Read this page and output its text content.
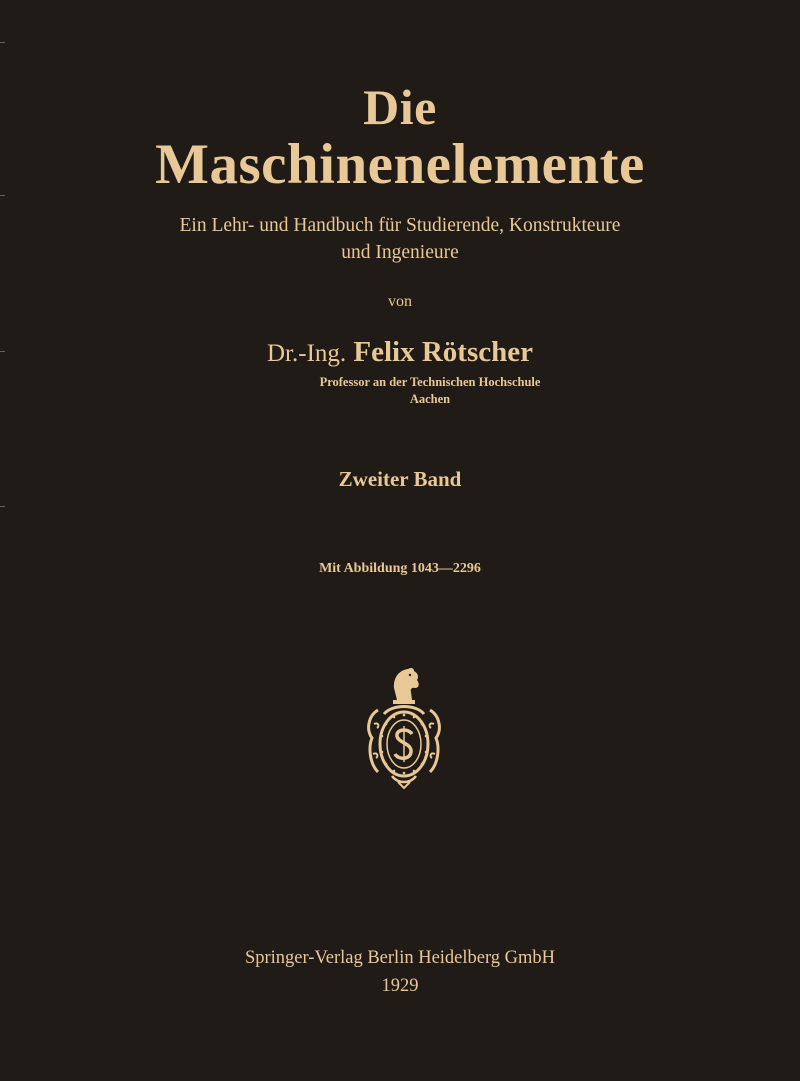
Die
Maschinenelemente
Ein Lehr- und Handbuch für Studierende, Konstrukteure
und Ingenieure
von
Dr.-Ing. Felix Rötscher
Professor an der Technischen Hochschule
Aachen
Zweiter Band
Mit Abbildung 1043—2296
Springer-Verlag Berlin Heidelberg GmbH
1929
